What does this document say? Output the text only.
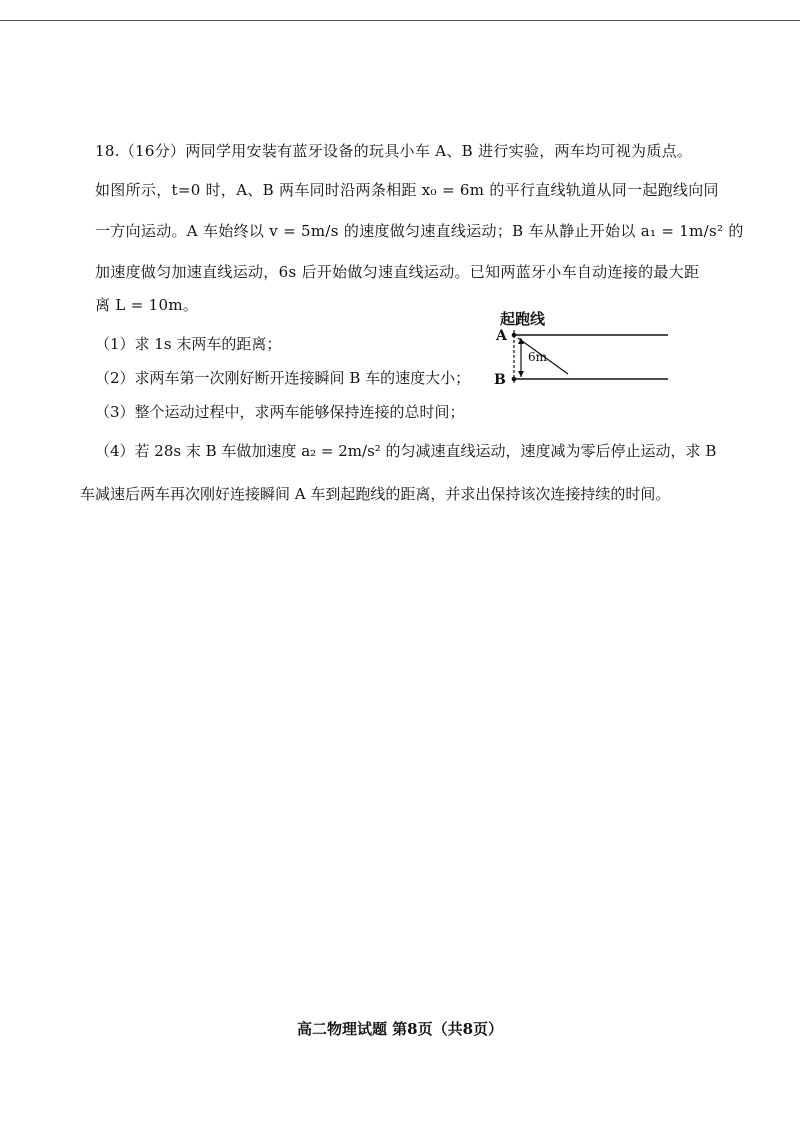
18.（16分）两同学用安装有蓝牙设备的玩具小车 A、B 进行实验，两车均可视为质点。
如图所示，t=0 时，A、B 两车同时沿两条相距 x₀ = 6m 的平行直线轨道从同一起跑线向同
一方向运动。A 车始终以 v = 5m/s 的速度做匀速直线运动；B 车从静止开始以 a₁ = 1m/s² 的
加速度做匀加速直线运动，6s 后开始做匀速直线运动。已知两蓝牙小车自动连接的最大距
离 L = 10m。
（1）求 1s 末两车的距离；
（2）求两车第一次刚好断开连接瞬间 B 车的速度大小；
（3）整个运动过程中，求两车能够保持连接的总时间；
（4）若 28s 末 B 车做加速度 a₂ = 2m/s² 的匀减速直线运动，速度减为零后停止运动，求 B
车减速后两车再次刚好连接瞬间 A 车到起跑线的距离，并求出保持该次连接持续的时间。
起跑线
A
B
6m
高二物理试题 第8页（共8页）
